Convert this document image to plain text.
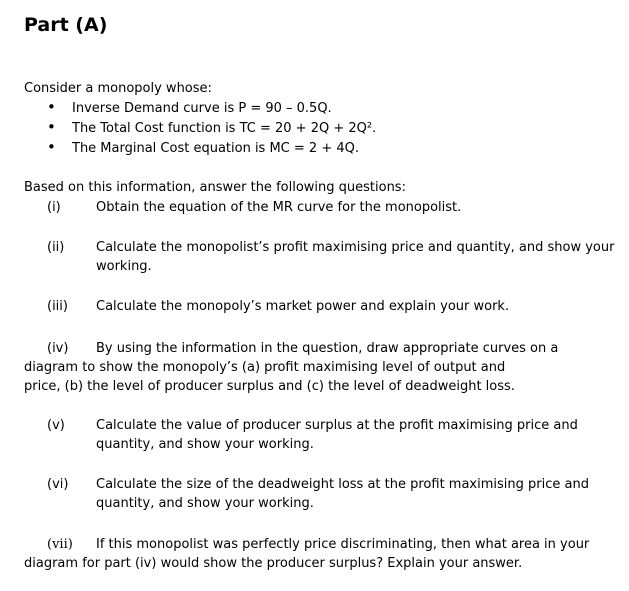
Part (A)
Consider a monopoly whose:
• Inverse Demand curve is P = 90 – 0.5Q.
• The Total Cost function is TC = 20 + 2Q + 2Q².
• The Marginal Cost equation is MC = 2 + 4Q.
Based on this information, answer the following questions:
(i)	Obtain the equation of the MR curve for the monopolist.
(ii) Calculate the monopolist’s profit maximising price and quantity, and show your
working.
(iii) Calculate the monopoly’s market power and explain your work.
(iv) By using the information in the question, draw appropriate curves on a
diagram to show the monopoly’s (a) profit maximising level of output and
price, (b) the level of producer surplus and (c) the level of deadweight loss.
(v) Calculate the value of producer surplus at the profit maximising price and
quantity, and show your working.
(vi) Calculate the size of the deadweight loss at the profit maximising price and
quantity, and show your working.
(vii) If this monopolist was perfectly price discriminating, then what area in your
diagram for part (iv) would show the producer surplus? Explain your answer.
